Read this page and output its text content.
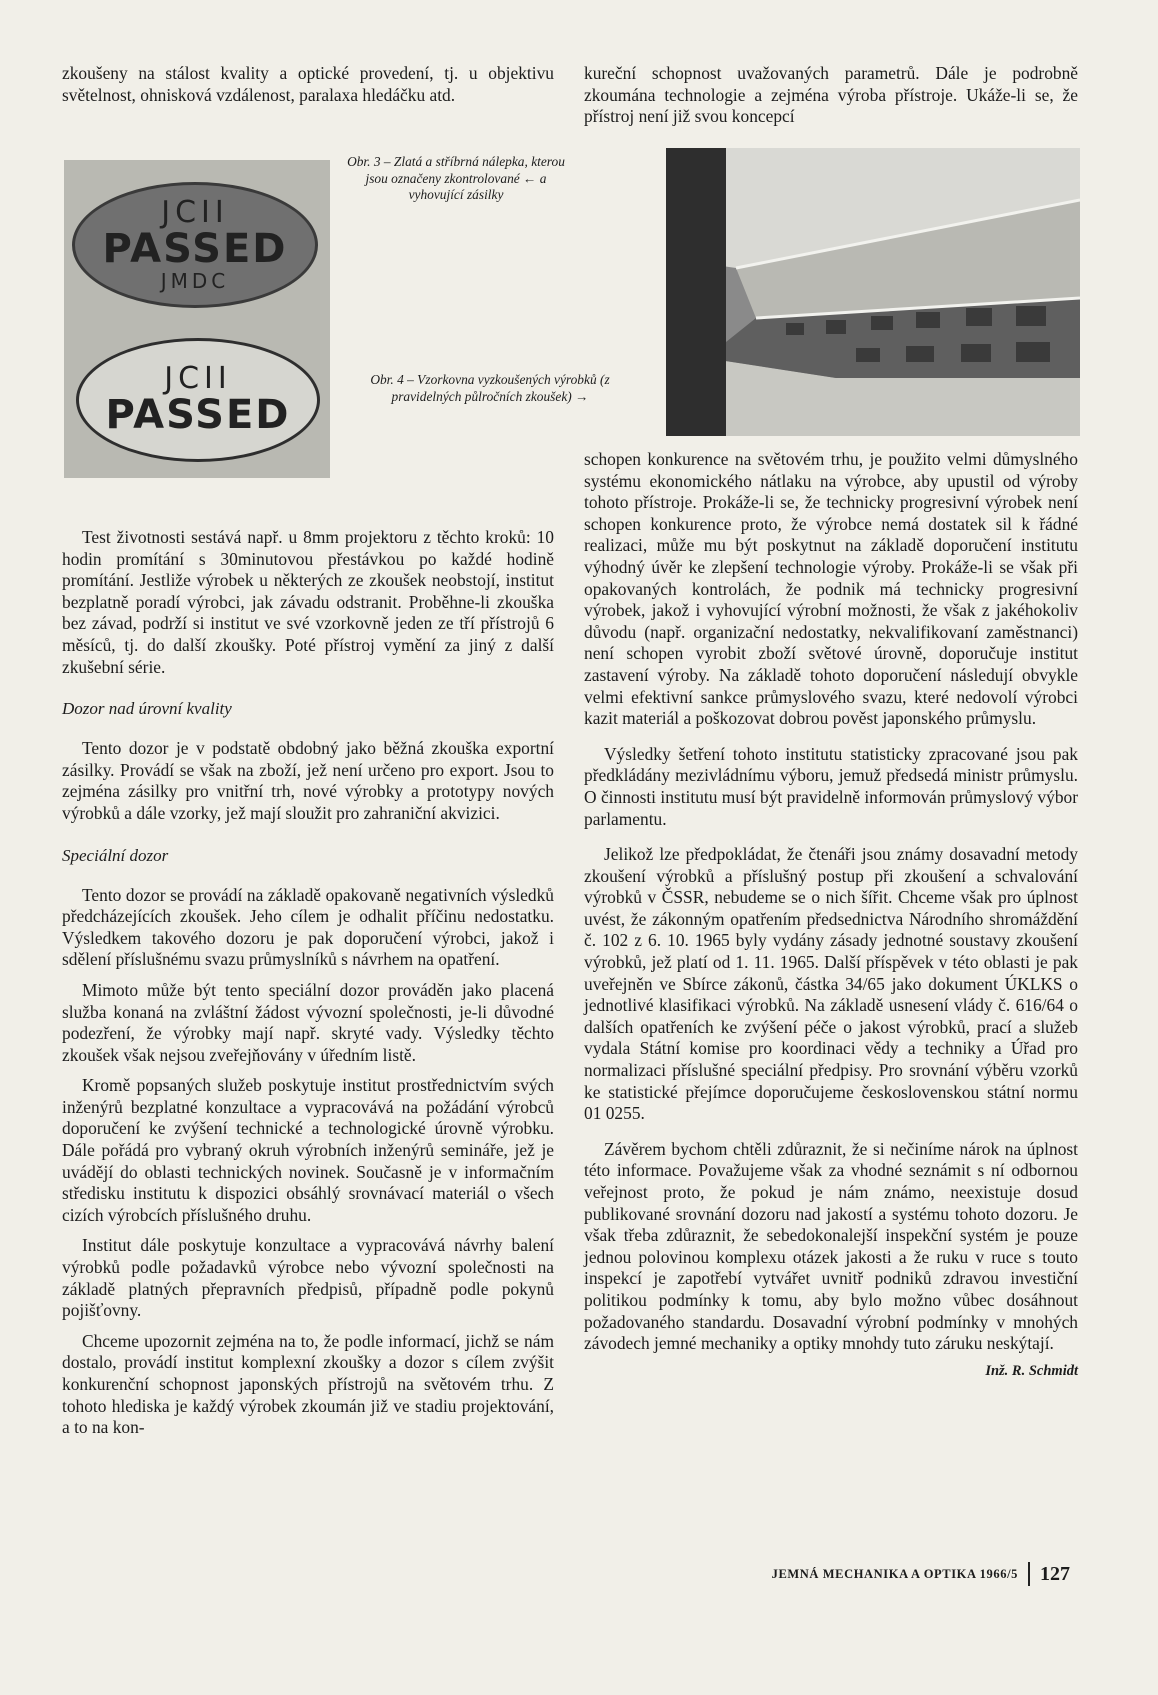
zkoušeny na stálost kvality a optické provedení, tj. u objektivu světelnost, ohnisková vzdálenost, paralaxa hledáčku atd.

kureční schopnost uvažovaných parametrů. Dále je podrobně zkoumána technologie a zejména výroba přístroje. Ukáže-li se, že přístroj není již svou koncepcí

JCII
PASSED
JMDC
JCII
PASSED
Obr. 3 – Zlatá a stříbrná nálepka, kterou jsou označeny zkontrolované ← a vyhovující zásilky
Obr. 4 – Vzorkovna vyzkoušených výrobků (z pravidelných půlročních zkoušek) →

Test životnosti sestává např. u 8mm projektoru z těchto kroků: 10 hodin promítání s 30minutovou přestávkou po každé hodině promítání. Jestliže výrobek u některých ze zkoušek neobstojí, institut bezplatně poradí výrobci, jak závadu odstranit. Proběhne-li zkouška bez závad, podrží si institut ve své vzorkovně jeden ze tří přístrojů 6 měsíců, tj. do další zkoušky. Poté přístroj vymění za jiný z další zkušební série.

Dozor nad úrovní kvality

Tento dozor je v podstatě obdobný jako běžná zkouška exportní zásilky. Provádí se však na zboží, jež není určeno pro export. Jsou to zejména zásilky pro vnitřní trh, nové výrobky a prototypy nových výrobků a dále vzorky, jež mají sloužit pro zahraniční akvizici.

Speciální dozor

Tento dozor se provádí na základě opakovaně negativních výsledků předcházejících zkoušek. Jeho cílem je odhalit příčinu nedostatku. Výsledkem takového dozoru je pak doporučení výrobci, jakož i sdělení příslušnému svazu průmyslníků s návrhem na opatření.

Mimoto může být tento speciální dozor prováděn jako placená služba konaná na zvláštní žádost vývozní společnosti, je-li důvodné podezření, že výrobky mají např. skryté vady. Výsledky těchto zkoušek však nejsou zveřejňovány v úředním listě.

Kromě popsaných služeb poskytuje institut prostřednictvím svých inženýrů bezplatné konzultace a vypracovává na požádání výrobců doporučení ke zvýšení technické a technologické úrovně výrobku. Dále pořádá pro vybraný okruh výrobních inženýrů semináře, jež je uvádějí do oblasti technických novinek. Současně je v informačním středisku institutu k dispozici obsáhlý srovnávací materiál o všech cizích výrobcích příslušného druhu.

Institut dále poskytuje konzultace a vypracovává návrhy balení výrobků podle požadavků výrobce nebo vývozní společnosti na základě platných přepravních předpisů, případně podle pokynů pojišťovny.

Chceme upozornit zejména na to, že podle informací, jichž se nám dostalo, provádí institut komplexní zkoušky a dozor s cílem zvýšit konkurenční schopnost japonských přístrojů na světovém trhu. Z tohoto hlediska je každý výrobek zkoumán již ve stadiu projektování, a to na kon-

schopen konkurence na světovém trhu, je použito velmi důmyslného systému ekonomického nátlaku na výrobce, aby upustil od výroby tohoto přístroje. Prokáže-li se, že technicky progresivní výrobek není schopen konkurence proto, že výrobce nemá dostatek sil k řádné realizaci, může mu být poskytnut na základě doporučení institutu výhodný úvěr ke zlepšení technologie výroby. Prokáže-li se však při opakovaných kontrolách, že podnik má technicky progresivní výrobek, jakož i vyhovující výrobní možnosti, že však z jakéhokoliv důvodu (např. organizační nedostatky, nekvalifikovaní zaměstnanci) není schopen vyrobit zboží světové úrovně, doporučuje institut zastavení výroby. Na základě tohoto doporučení následují obvykle velmi efektivní sankce průmyslového svazu, které nedovolí výrobci kazit materiál a poškozovat dobrou pověst japonského průmyslu.

Výsledky šetření tohoto institutu statisticky zpracované jsou pak předkládány mezivládnímu výboru, jemuž předsedá ministr průmyslu. O činnosti institutu musí být pravidelně informován průmyslový výbor parlamentu.

Jelikož lze předpokládat, že čtenáři jsou známy dosavadní metody zkoušení výrobků a příslušný postup při zkoušení a schvalování výrobků v ČSSR, nebudeme se o nich šířit. Chceme však pro úplnost uvést, že zákonným opatřením předsednictva Národního shromáždění č. 102 z 6. 10. 1965 byly vydány zásady jednotné soustavy zkoušení výrobků, jež platí od 1. 11. 1965. Další příspěvek v této oblasti je pak uveřejněn ve Sbírce zákonů, částka 34/65 jako dokument ÚKLKS o jednotlivé klasifikaci výrobků. Na základě usnesení vlády č. 616/64 o dalších opatřeních ke zvýšení péče o jakost výrobků, prací a služeb vydala Státní komise pro koordinaci vědy a techniky a Úřad pro normalizaci příslušné speciální předpisy. Pro srovnání výběru vzorků ke statistické přejímce doporučujeme československou státní normu 01 0255.

Závěrem bychom chtěli zdůraznit, že si nečiníme nárok na úplnost této informace. Považujeme však za vhodné seznámit s ní odbornou veřejnost proto, že pokud je nám známo, neexistuje dosud publikované srovnání dozoru nad jakostí a systému tohoto dozoru. Je však třeba zdůraznit, že sebedokonalejší inspekční systém je pouze jednou polovinou komplexu otázek jakosti a že ruku v ruce s touto inspekcí je zapotřebí vytvářet uvnitř podniků zdravou investiční politikou podmínky k tomu, aby bylo možno vůbec dosáhnout požadovaného standardu. Dosavadní výrobní podmínky v mnohých závodech jemné mechaniky a optiky mnohdy tuto záruku neskýtají.

Inž. R. Schmidt

JEMNÁ MECHANIKA A OPTIKA 1966/5 127
